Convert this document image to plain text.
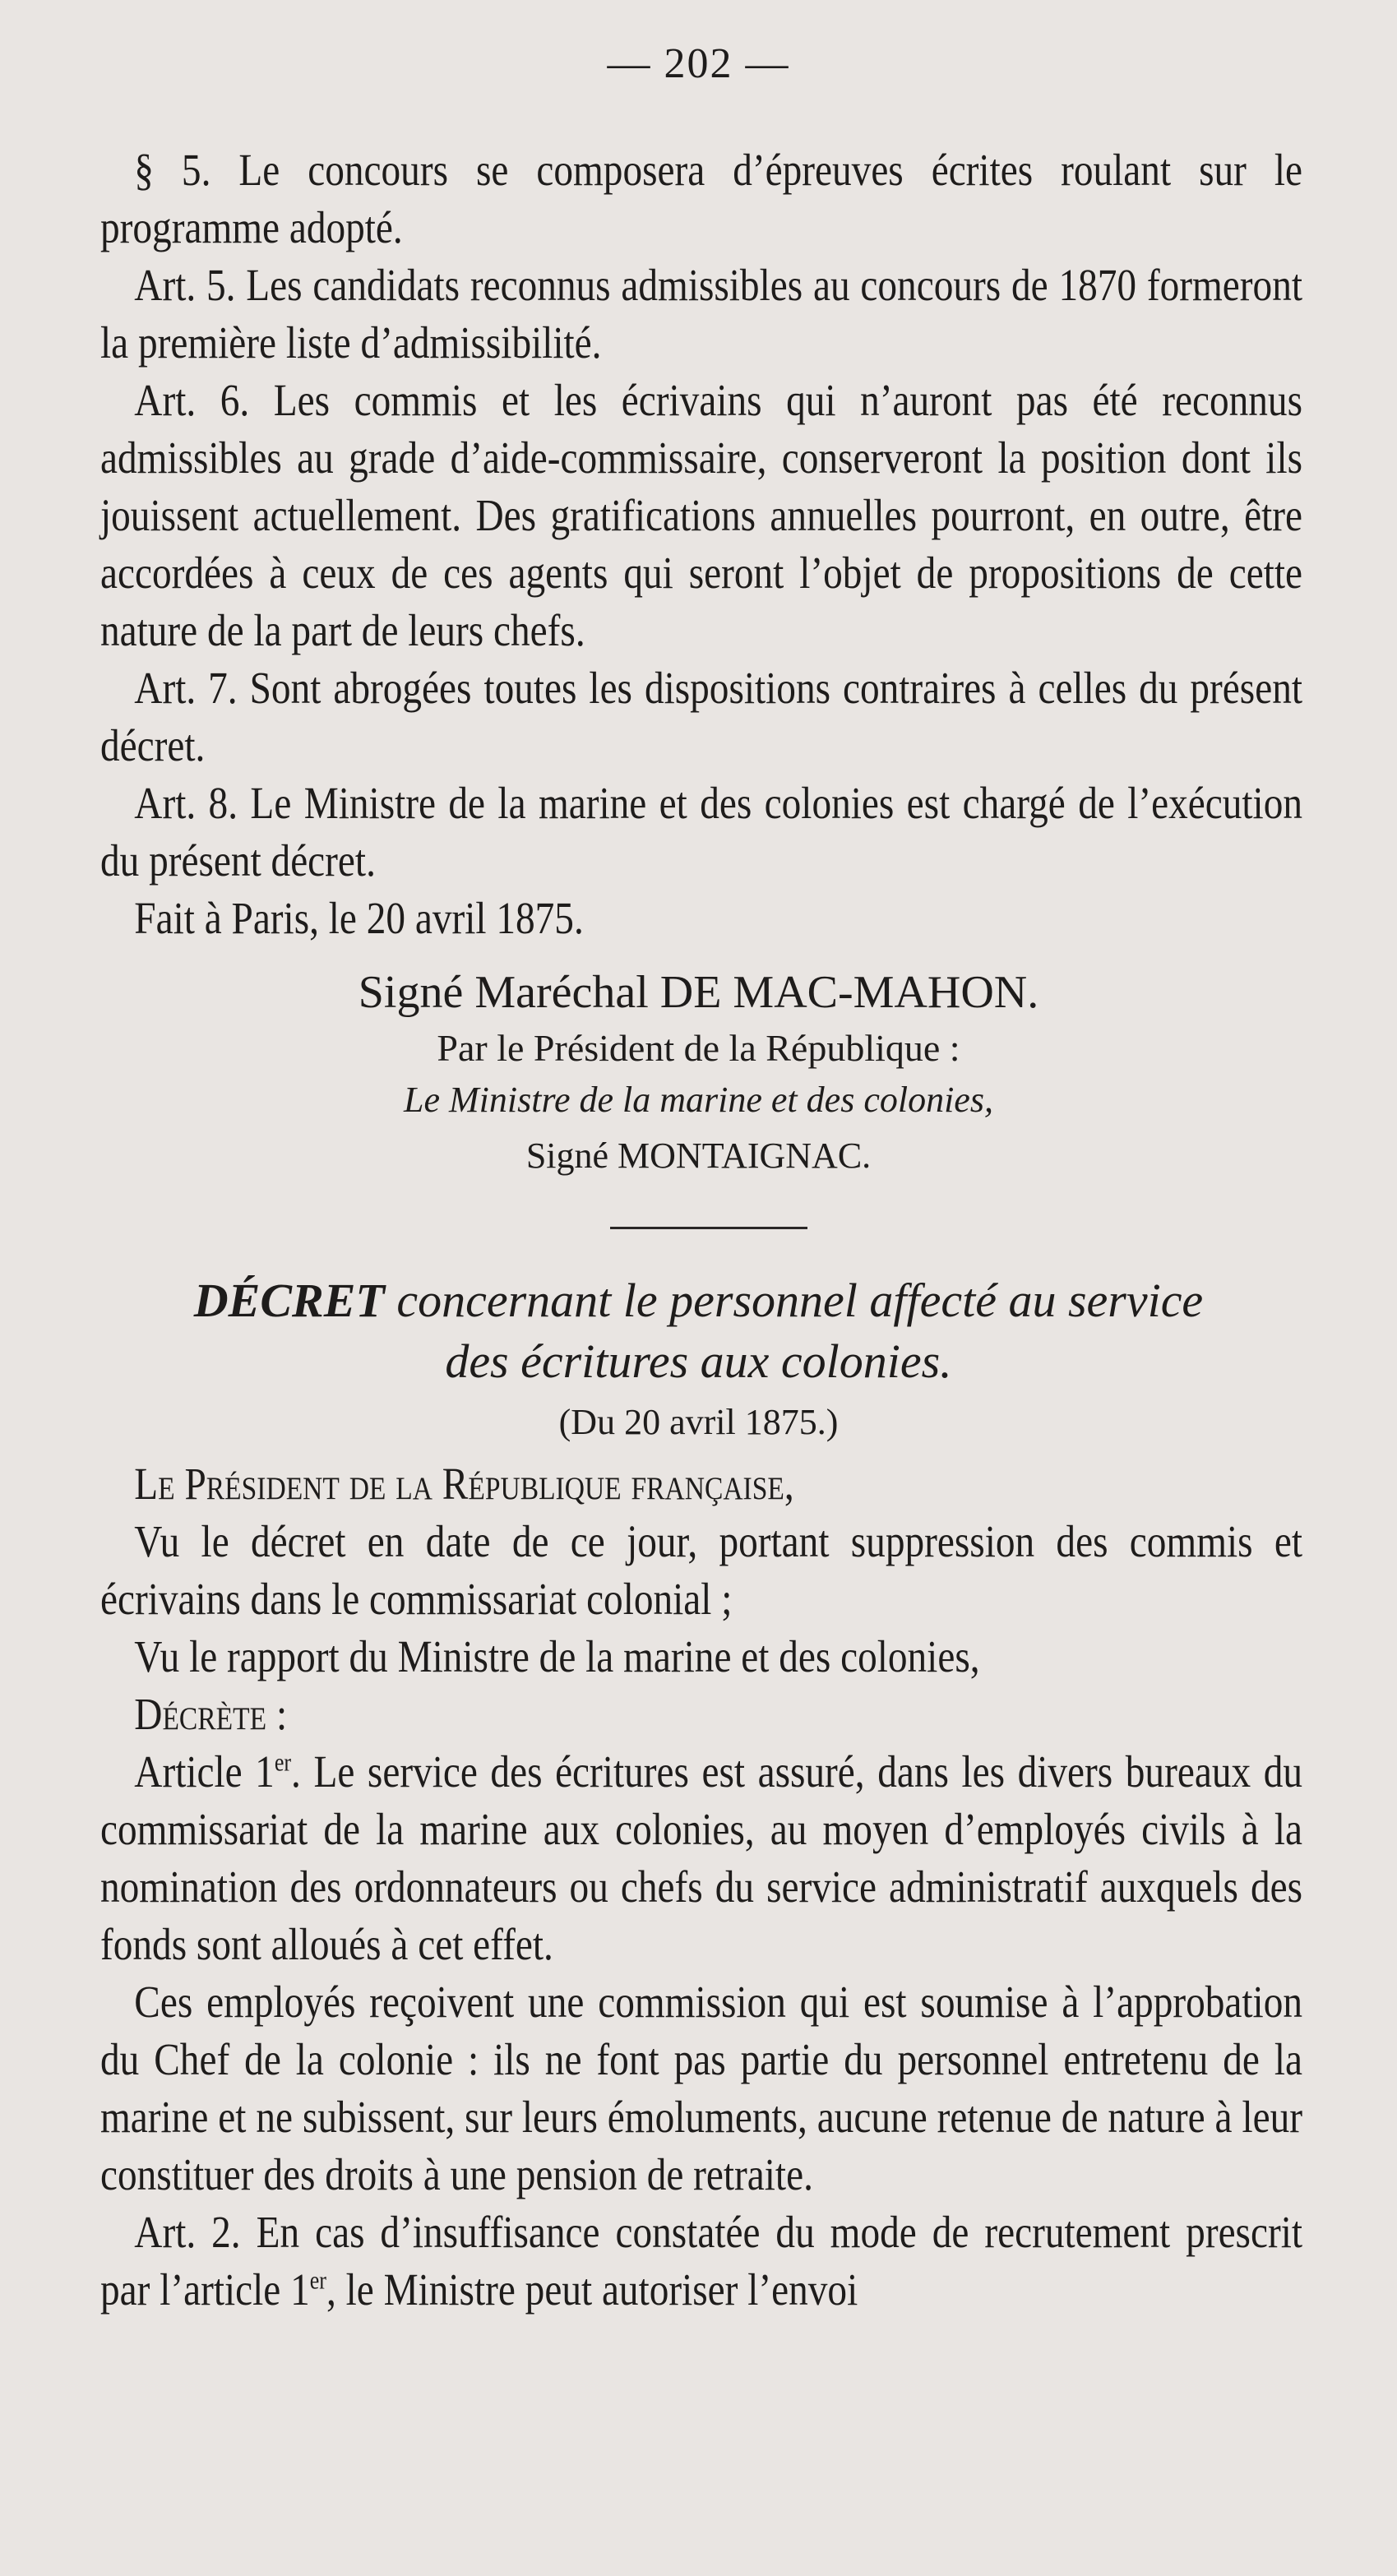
— 202 —

§ 5. Le concours se composera d’épreuves écrites roulant sur le programme adopté.

Art. 5. Les candidats reconnus admissibles au concours de 1870 formeront la première liste d’admissibilité.

Art. 6. Les commis et les écrivains qui n’auront pas été reconnus admissibles au grade d’aide-commissaire, conserveront la position dont ils jouissent actuellement. Des gratifications annuelles pourront, en outre, être accordées à ceux de ces agents qui seront l’objet de propositions de cette nature de la part de leurs chefs.

Art. 7. Sont abrogées toutes les dispositions contraires à celles du présent décret.

Art. 8. Le Ministre de la marine et des colonies est chargé de l’exécution du présent décret.

Fait à Paris, le 20 avril 1875.

Signé Maréchal DE MAC-MAHON.

Par le Président de la République :

Le Ministre de la marine et des colonies,

Signé MONTAIGNAC.

DÉCRET concernant le personnel affecté au service

des écritures aux colonies.

(Du 20 avril 1875.)

Le Président de la République française,

Vu le décret en date de ce jour, portant suppression des commis et écrivains dans le commissariat colonial ;

Vu le rapport du Ministre de la marine et des colonies,

Décrète :

Article 1er. Le service des écritures est assuré, dans les divers bureaux du commissariat de la marine aux colonies, au moyen d’employés civils à la nomination des ordonnateurs ou chefs du service administratif auxquels des fonds sont alloués à cet effet.

Ces employés reçoivent une commission qui est soumise à l’approbation du Chef de la colonie : ils ne font pas partie du personnel entretenu de la marine et ne subissent, sur leurs émoluments, aucune retenue de nature à leur constituer des droits à une pension de retraite.

Art. 2. En cas d’insuffisance constatée du mode de recrutement prescrit par l’article 1er, le Ministre peut autoriser l’envoi
